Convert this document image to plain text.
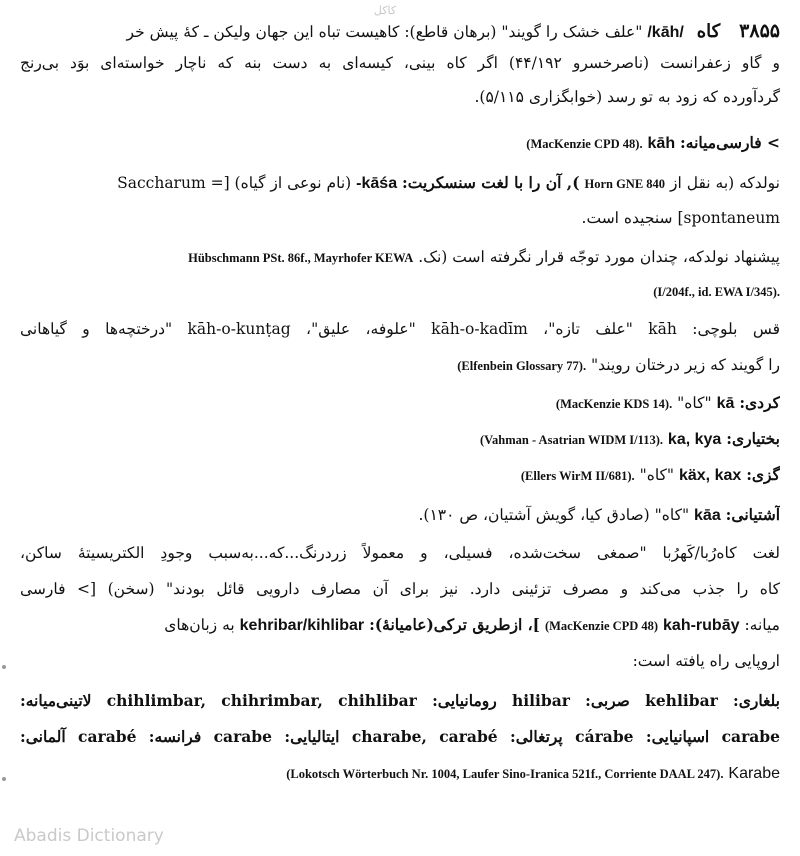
کاکل
۳۸۵۵ کاه /kāh/ "علف خشک را گویند" (برهان قاطع): کاهیست تباه این جهان ولیکن ـ کهٔ پیش خر
و گاو زعفرانست (ناصرخسرو ۴۴/۱۹۲) اگر کاه بینی، کیسه‌ای به دست بنه که ناچار خواسته‌ای بوَد بی‌رنج
گردآورده که زود به تو رسد (خوابگزاری ۵/۱۱۵).
> فارسی‌میانه: kāh (MacKenzie CPD 48).
نولدکه (به نقل از Horn GNE 840 ), آن را با لغت سنسکریت: -kāśa (نام نوعی از گیاه) [= Saccharum
spontaneum] سنجیده است.
پیشنهاد نولدکه، چندان مورد توجّه قرار نگرفته است (نک. Hübschmann PSt. 86f., Mayrhofer KEWA
(I/204f., id. EWA I/345).
قس بلوچی: kāh "علف تازه"، kāh-o-kadīm "علوفه، علیق"، kāh-o-kunṭag "درختچه‌ها و گیاهانی
را گویند که زیر درختان رویند" (Elfenbein Glossary 77).
کردی: kā "کاه" (MacKenzie KDS 14).
بختیاری: ka, kya (Vahman - Asatrian WIDM I/113).
گزی: käx, kax "کاه" (Ellers WirM II/681).
آشتیانی: kāa "کاه" (صادق کیا، گویش آشتیان، ص ۱۳۰).
لغت کاه‌رُبا/کَهرُبا "صمغی سخت‌شده، فسیلی، و معمولاً زردرنگ...که...به‌سبب وجودِ الکتریسیتهٔ ساکن،
کاه را جذب می‌کند و مصرف تزئینی دارد. نیز برای آن مصارف دارویی قائل بودند" (سخن) [> فارسی
میانه: kah-rubāy (MacKenzie CPD 48) ]، ازطریق ترکی(عامیانهٔ): kehribar/kihlibar به زبان‌های
اروپایی راه یافته است:
بلغاری: kehlibar صربی: hilibar رومانیایی: chihlimbar, chihrimbar, chihlibar لاتینی‌میانه:
carabe اسپانیایی: cárabe پرتغالی: charabe, carabé ایتالیایی: carabe فرانسه: carabé آلمانی:
Karabe (Lokotsch Wörterbuch Nr. 1004, Laufer Sino-Iranica 521f., Corriente DAAL 247).
Abadis Dictionary
